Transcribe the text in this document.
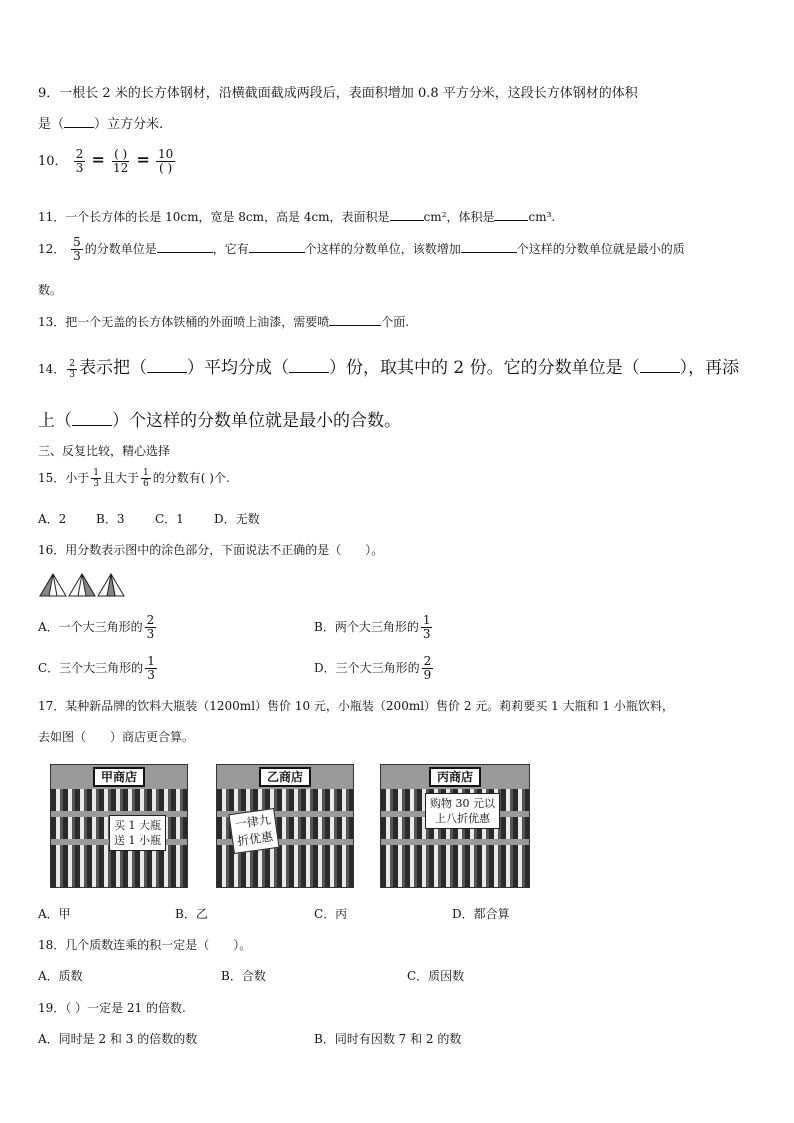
9．一根长 2 米的长方体钢材，沿横截面截成两段后，表面积增加 0.8 平方分米，这段长方体钢材的体积
是（ ）立方分米.
10． $\frac{2}{3} = \frac{( )}{12} = \frac{10}{( )}$
11．一个长方体的长是 10cm，宽是 8cm，高是 4cm，表面积是	cm²，体积是	cm³.
12． $\frac{5}{3}$ 的分数单位是	，它有	个这样的分数单位，该数增加	个这样的分数单位就是最小的质
数。
13．把一个无盖的长方体铁桶的外面喷上油漆，需要喷	个面.
14． $\frac{2}{3}$ 表示把（ ）平均分成（ ）份，取其中的 2 份。它的分数单位是（ ），再添
上（ ）个这样的分数单位就是最小的合数。
三、反复比较，精心选择
15．小于 $\frac{1}{3}$ 且大于 $\frac{1}{6}$ 的分数有( )个.
A．2 B．3	C．1	D．无数
16．用分数表示图中的涂色部分，下面说法不正确的是（　　）。
A．一个大三角形的 $\frac{2}{3}$	B．两个大三角形的 $\frac{1}{3}$
C．三个大三角形的 $\frac{1}{3}$	D．三个大三角形的 $\frac{2}{9}$
17．某种新品牌的饮料大瓶装（1200ml）售价 10 元，小瓶装（200ml）售价 2 元。莉莉要买 1 大瓶和 1 小瓶饮料，
去如图（　　）商店更合算。
甲商店
买 1 大瓶
送 1 小瓶
乙商店
一律九
折优惠
丙商店
购物 30 元以
上八折优惠
A．甲	B．乙	C．丙	D．都合算
18．几个质数连乘的积一定是（　　）。
A．质数	B．合数	C．质因数
19．（ ）一定是 21 的倍数.
A．同时是 2 和 3 的倍数的数	B．同时有因数 7 和 2 的数
